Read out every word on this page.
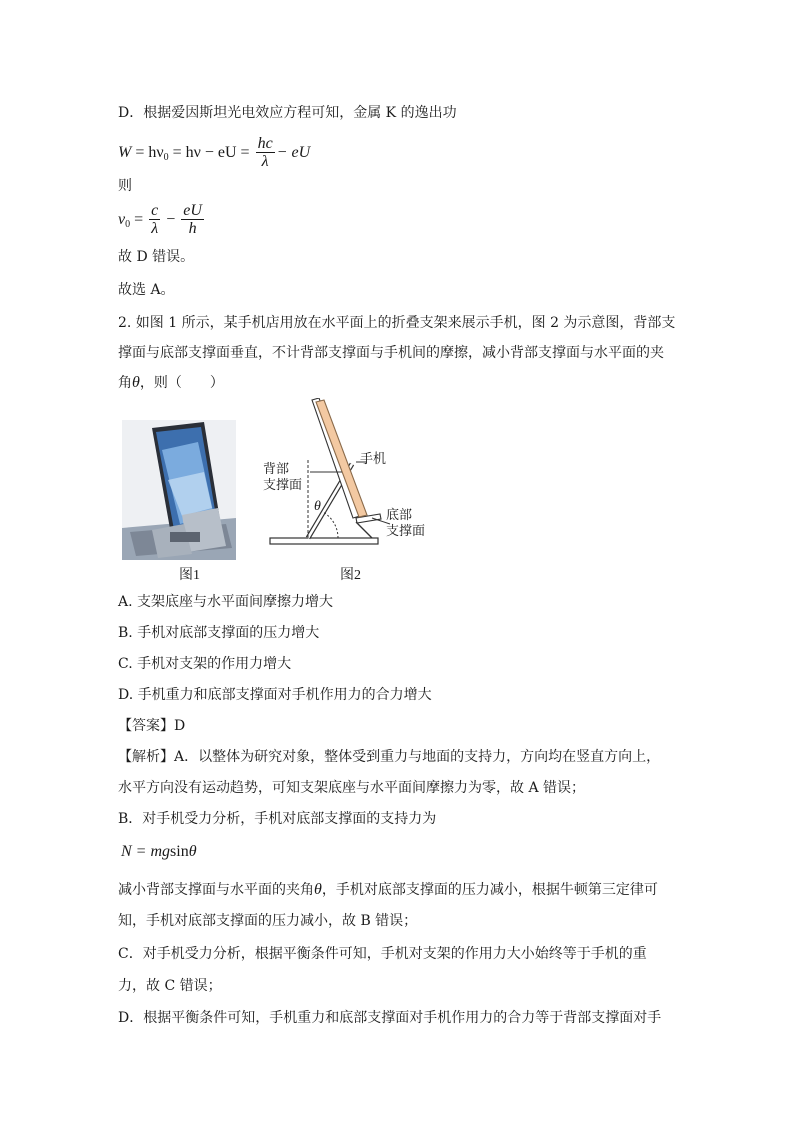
D．根据爱因斯坦光电效应方程可知，金属 K 的逸出功
$W = h\nu_0 = h\nu$ − eU = $\frac{hc}{\lambda}$ − eU
则
$\nu_0 = \frac{c}{\lambda} - \frac{eU}{h}$
故 D 错误。
故选 A。
2. 如图 1 所示，某手机店用放在水平面上的折叠支架来展示手机，图 2 为示意图，背部支
撑面与底部支撑面垂直，不计背部支撑面与手机间的摩擦，减小背部支撑面与水平面的夹
角θ，则（　　）
图1
θ
背部
支撑面
手机
底部
支撑面
图2
A. 支架底座与水平面间摩擦力增大
B. 手机对底部支撑面的压力增大
C. 手机对支架的作用力增大
D. 手机重力和底部支撑面对手机作用力的合力增大
【答案】D
【解析】A．以整体为研究对象，整体受到重力与地面的支持力，方向均在竖直方向上，
水平方向没有运动趋势，可知支架底座与水平面间摩擦力为零，故 A 错误；
B．对手机受力分析，手机对底部支撑面的支持力为
N = mgsinθ
减小背部支撑面与水平面的夹角θ，手机对底部支撑面的压力减小，根据牛顿第三定律可
知，手机对底部支撑面的压力减小，故 B 错误；
C．对手机受力分析，根据平衡条件可知，手机对支架的作用力大小始终等于手机的重
力，故 C 错误；
D．根据平衡条件可知，手机重力和底部支撑面对手机作用力的合力等于背部支撑面对手
